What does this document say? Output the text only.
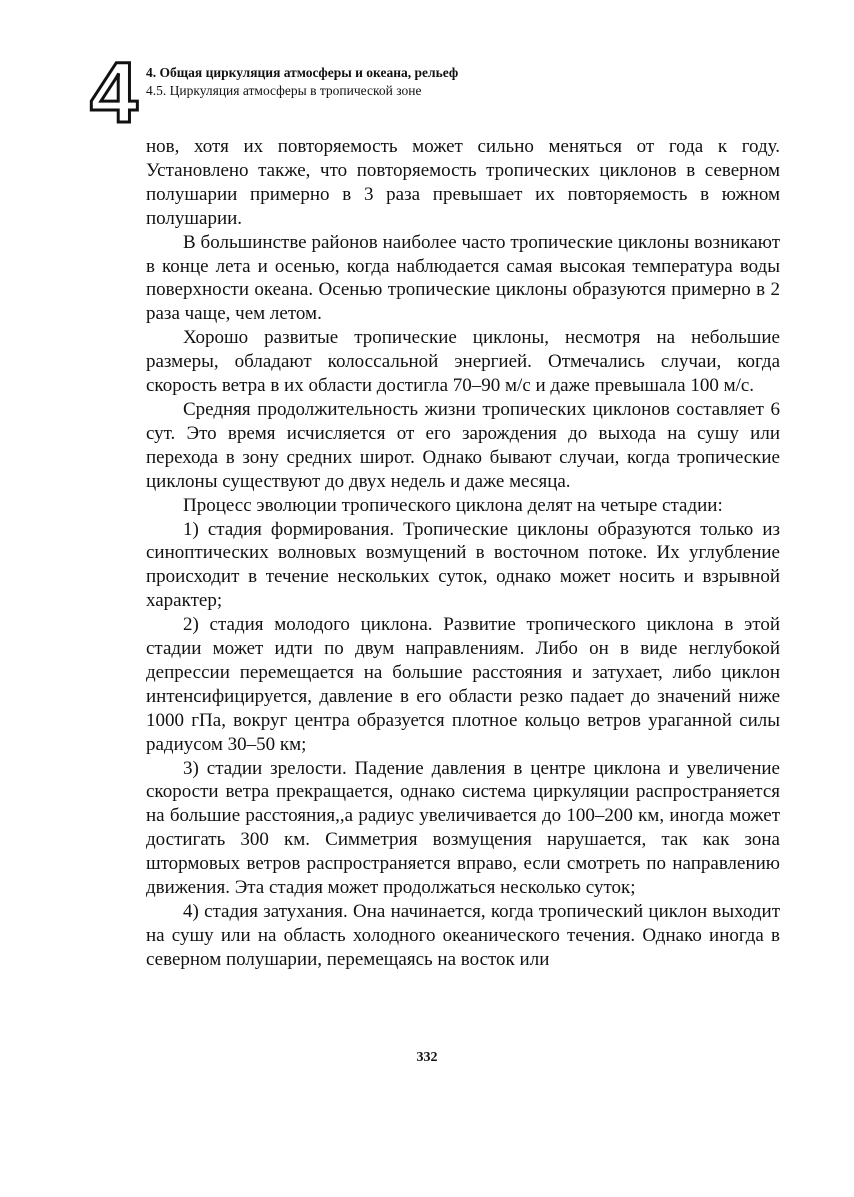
4 4. Общая циркуляция атмосферы и океана, рельеф
4.5. Циркуляция атмосферы в тропической зоне

нов, хотя их повторяемость может сильно меняться от года к году. Установлено также, что повторяемость тропических циклонов в северном полушарии примерно в 3 раза превышает их повторяемость в южном полушарии.

В большинстве районов наиболее часто тропические циклоны возникают в конце лета и осенью, когда наблюдается самая высокая температура воды поверхности океана. Осенью тропические циклоны образуются примерно в 2 раза чаще, чем летом.

Хорошо развитые тропические циклоны, несмотря на небольшие размеры, обладают колоссальной энергией. Отмечались случаи, когда скорость ветра в их области достигла 70–90 м/с и даже превышала 100 м/с.

Средняя продолжительность жизни тропических циклонов составляет 6 сут. Это время исчисляется от его зарождения до выхода на сушу или перехода в зону средних широт. Однако бывают случаи, когда тропические циклоны существуют до двух недель и даже месяца.

Процесс эволюции тропического циклона делят на четыре стадии:

1) стадия формирования. Тропические циклоны образуются только из синоптических волновых возмущений в восточном потоке. Их углубление происходит в течение нескольких суток, однако может носить и взрывной характер;

2) стадия молодого циклона. Развитие тропического циклона в этой стадии может идти по двум направлениям. Либо он в виде неглубокой депрессии перемещается на большие расстояния и затухает, либо циклон интенсифицируется, давление в его области резко падает до значений ниже 1000 гПа, вокруг центра образуется плотное кольцо ветров ураганной силы радиусом 30–50 км;

3) стадии зрелости. Падение давления в центре циклона и увеличение скорости ветра прекращается, однако система циркуляции распространяется на большие расстояния,,а радиус увеличивается до 100–200 км, иногда может достигать 300 км. Симметрия возмущения нарушается, так как зона штормовых ветров распространяется вправо, если смотреть по направлению движения. Эта стадия может продолжаться несколько суток;

4) стадия затухания. Она начинается, когда тропический циклон выходит на сушу или на область холодного океанического течения. Однако иногда в северном полушарии, перемещаясь на восток или

332
